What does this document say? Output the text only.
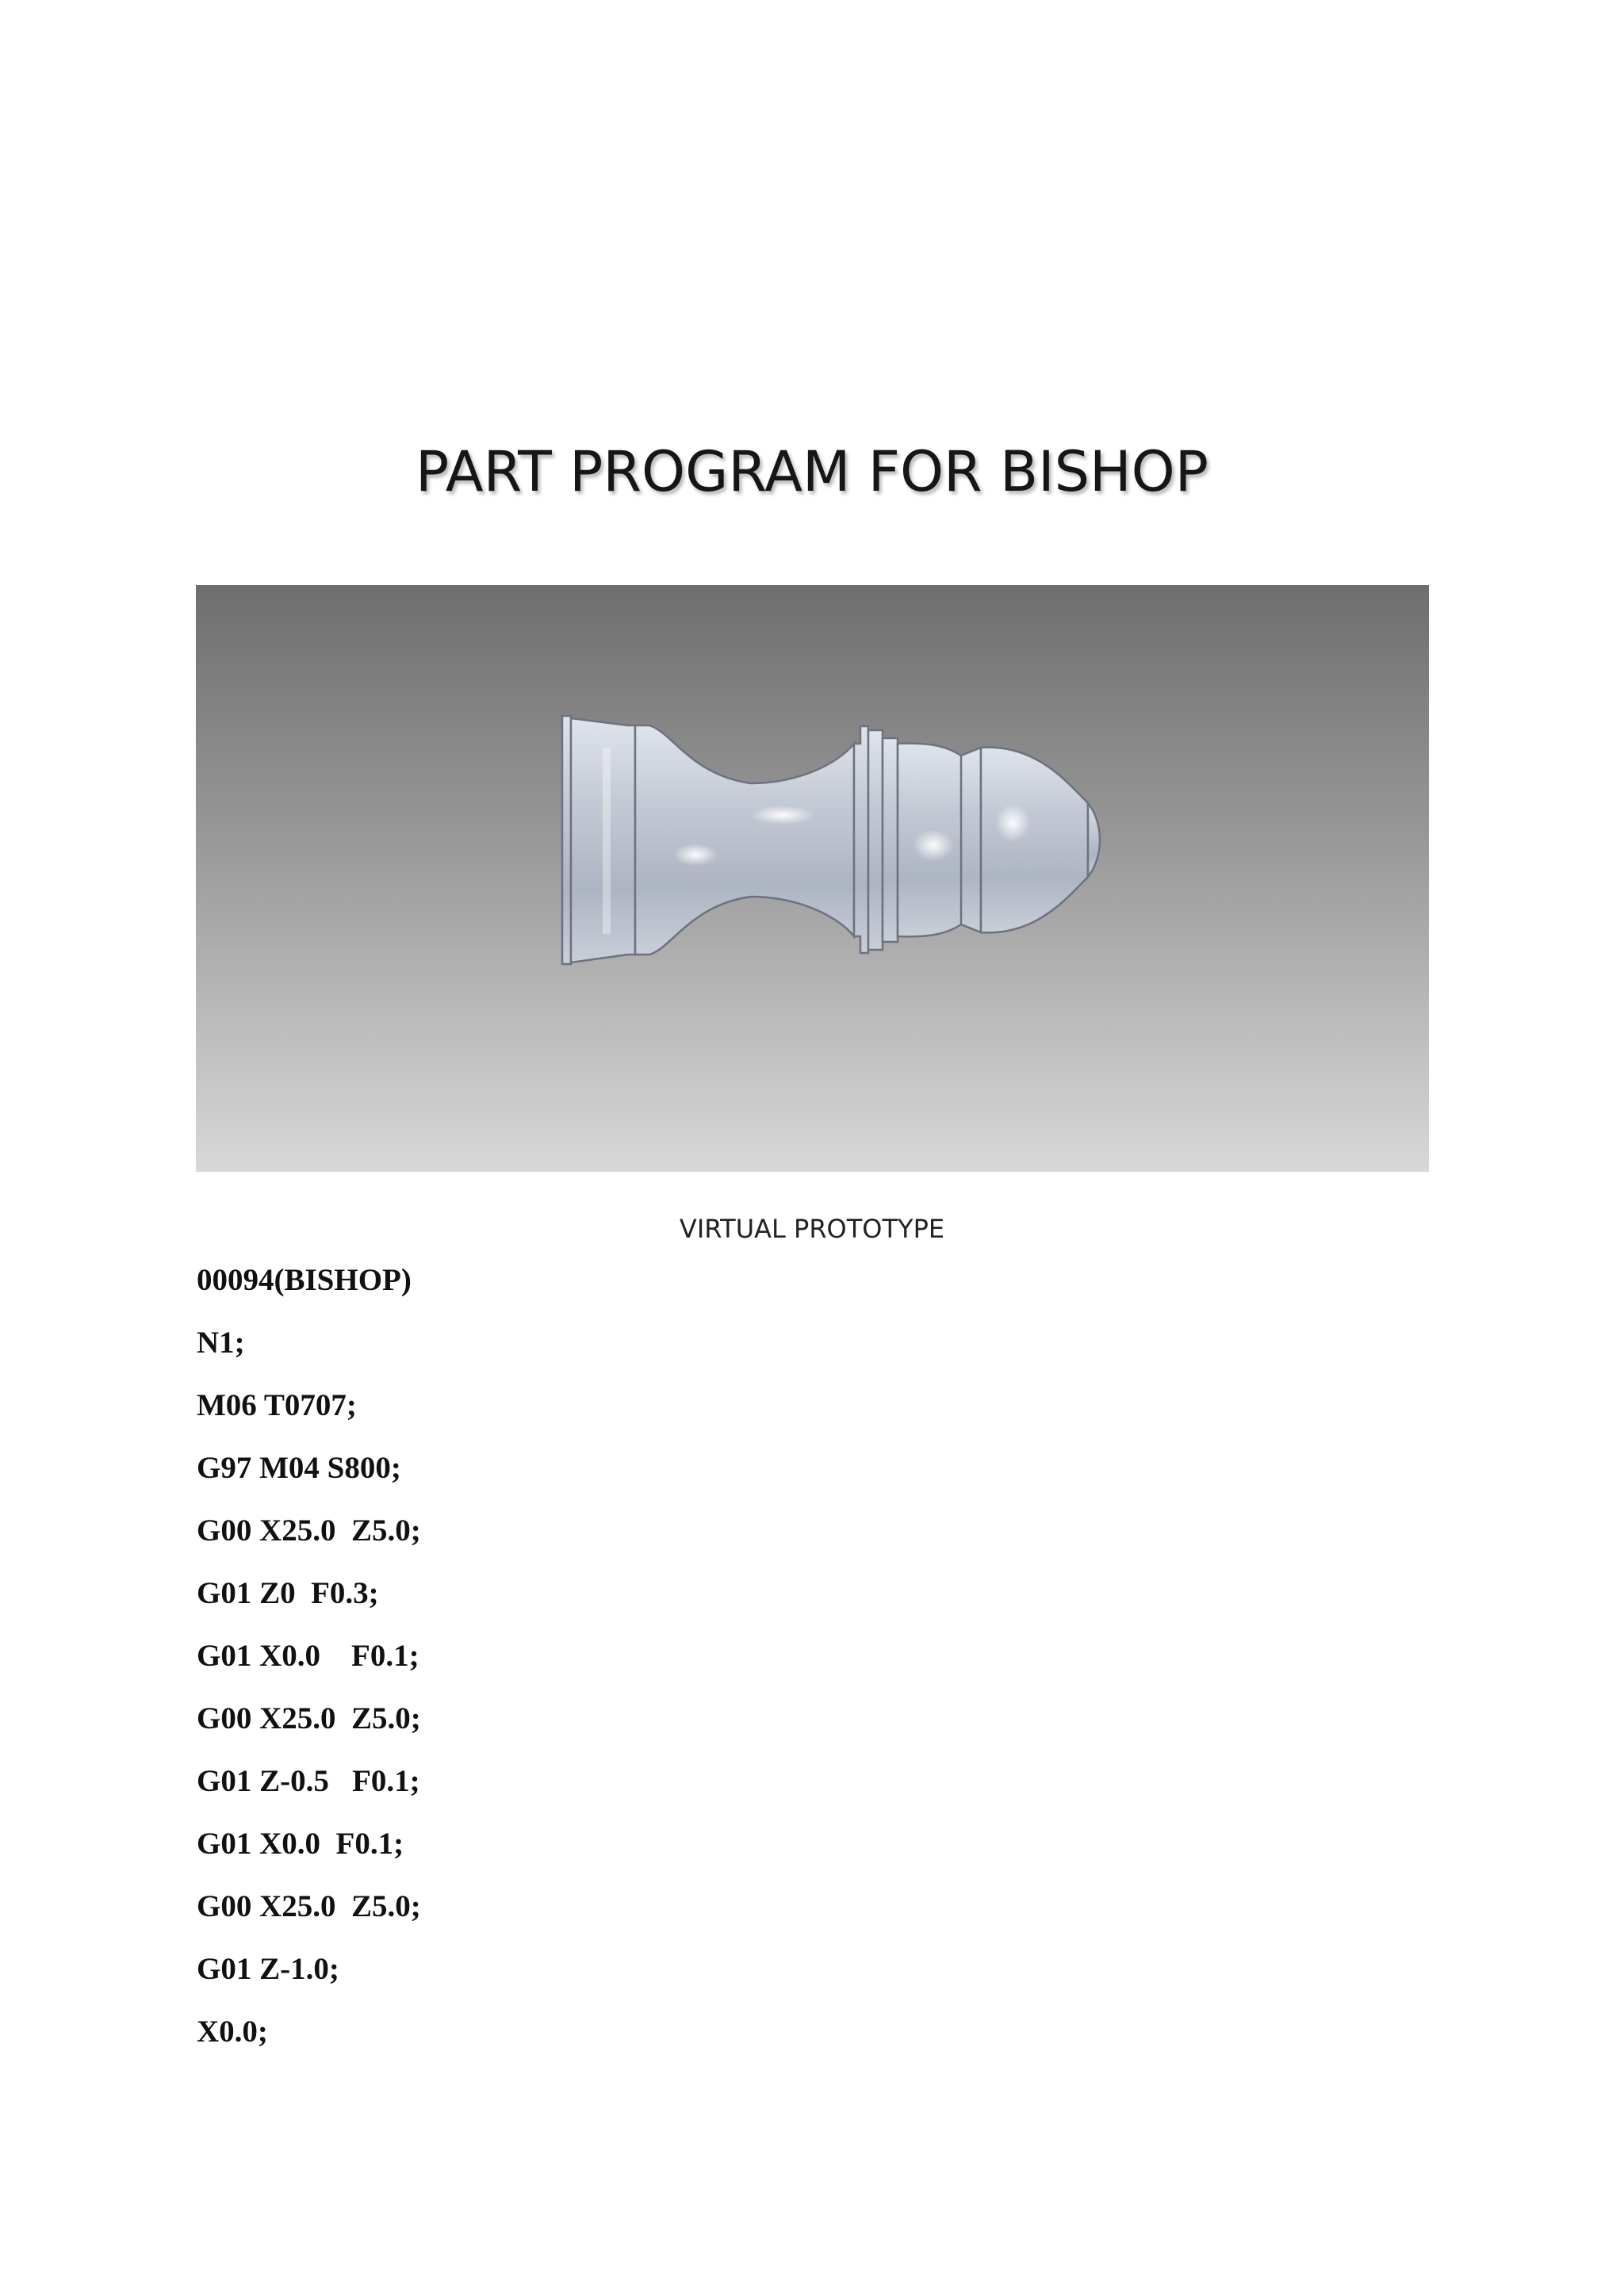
PART PROGRAM FOR BISHOP
VIRTUAL PROTOTYPE
00094(BISHOP)
N1;
M06 T0707;
G97 M04 S800;
G00 X25.0  Z5.0;
G01 Z0  F0.3;
G01 X0.0    F0.1;
G00 X25.0  Z5.0;
G01 Z-0.5   F0.1;
G01 X0.0  F0.1;
G00 X25.0  Z5.0;
G01 Z-1.0;
X0.0;
